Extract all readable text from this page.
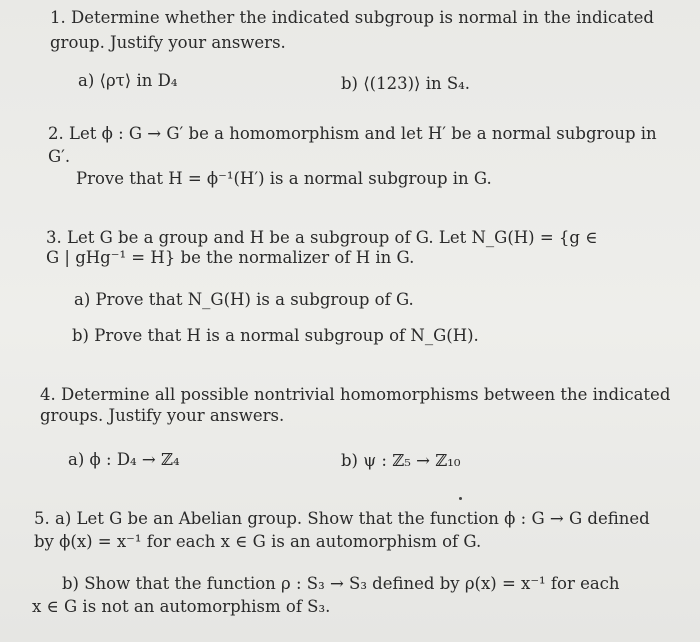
1. Determine whether the indicated subgroup is normal in the indicated
group. Justify your answers.
a) ⟨ρτ⟩ in D₄	b) ⟨(123)⟩ in S₄.
2. Let ϕ : G → G′ be a homomorphism and let H′ be a normal subgroup in
G′.
Prove that H = ϕ⁻¹(H′) is a normal subgroup in G.
3. Let G be a group and H be a subgroup of G. Let N_G(H) = {g ∈
G | gHg⁻¹ = H} be the normalizer of H in G.
a) Prove that N_G(H) is a subgroup of G.
b) Prove that H is a normal subgroup of N_G(H).
4. Determine all possible nontrivial homomorphisms between the indicated
groups. Justify your answers.
a) ϕ : D₄ → ℤ₄	b) ψ : ℤ₅ → ℤ₁₀
5. a) Let G be an Abelian group. Show that the function ϕ : G → G defined
by ϕ(x) = x⁻¹ for each x ∈ G is an automorphism of G.
b) Show that the function ρ : S₃ → S₃ defined by ρ(x) = x⁻¹ for each
x ∈ G is not an automorphism of S₃.
